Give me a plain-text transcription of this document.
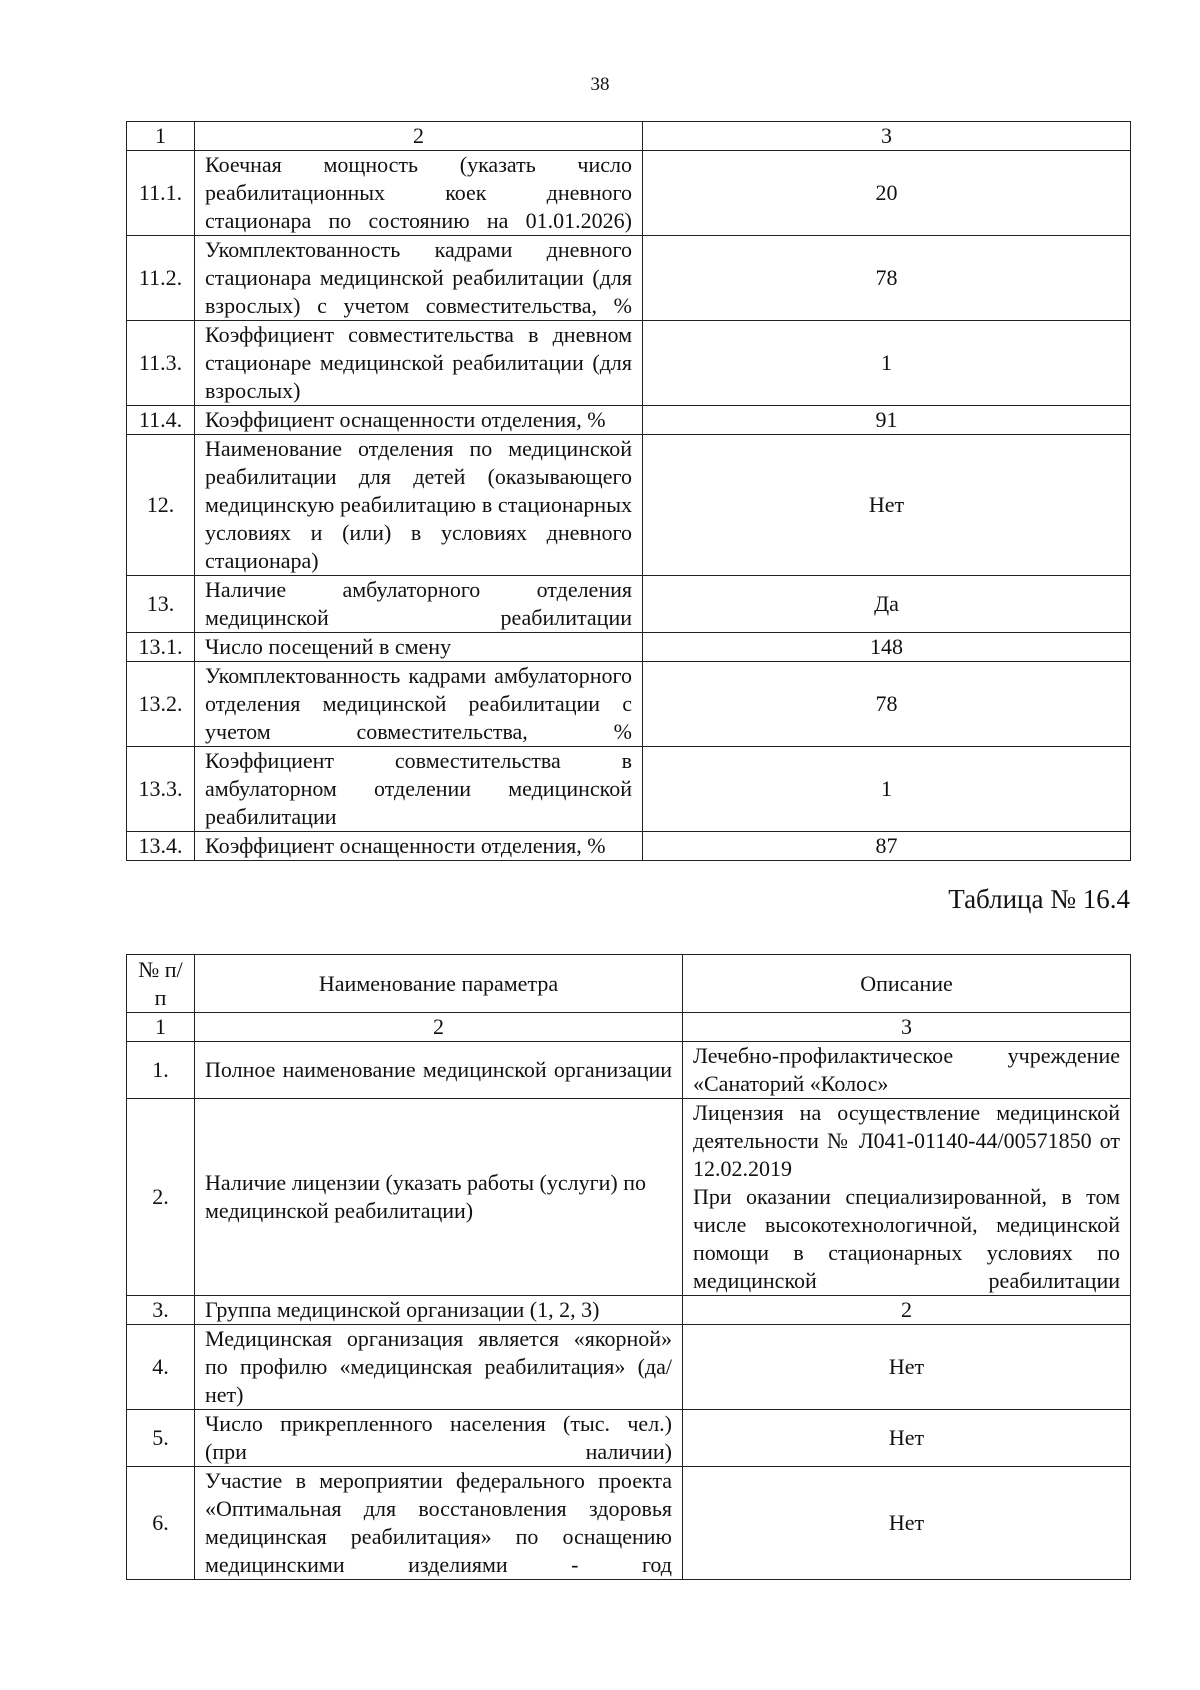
38
1	2	3
11.1.	Коечная мощность (указать число реабилитационных коек дневного стационара по состоянию на 01.01.2026)	20
11.2.	Укомплектованность кадрами дневного стационара медицинской реабилитации (для взрослых) с учетом совместительства, %	78
11.3.	Коэффициент совместительства в дневном стационаре медицинской реабилитации (для взрослых)	1
11.4.	Коэффициент оснащенности отделения, %	91
12.	Наименование отделения по медицинской реабилитации для детей (оказывающего медицинскую реабилитацию в стационарных условиях и (или) в условиях дневного стационара)	Нет
13.	Наличие амбулаторного отделения медицинской реабилитации	Да
13.1.	Число посещений в смену	148
13.2.	Укомплектованность кадрами амбулаторного отделения медицинской реабилитации с учетом совместительства, %	78
13.3.	Коэффициент совместительства в амбулаторном отделении медицинской реабилитации	1
13.4.	Коэффициент оснащенности отделения, %	87
Таблица № 16.4
№ п/п	Наименование параметра	Описание
1	2	3
1.	Полное наименование медицинской организации	Лечебно-профилактическое учреждение «Санаторий «Колос»
2.	Наличие лицензии (указать работы (услуги) по медицинской реабилитации)	Лицензия на осуществление медицинской деятельности № Л041-01140-44/00571850 от 12.02.2019
При оказании специализированной, в том числе высокотехнологичной, медицинской помощи в стационарных условиях по медицинской реабилитации

3.	Группа медицинской организации (1, 2, 3)	2
4.	Медицинская организация является «якорной» по профилю «медицинская реабилитация» (да/нет)	Нет
5.	Число прикрепленного населения (тыс. чел.) (при наличии)	Нет
6.	Участие в мероприятии федерального проекта «Оптимальная для восстановления здоровья медицинская реабилитация» по оснащению медицинскими изделиями - год	Нет
